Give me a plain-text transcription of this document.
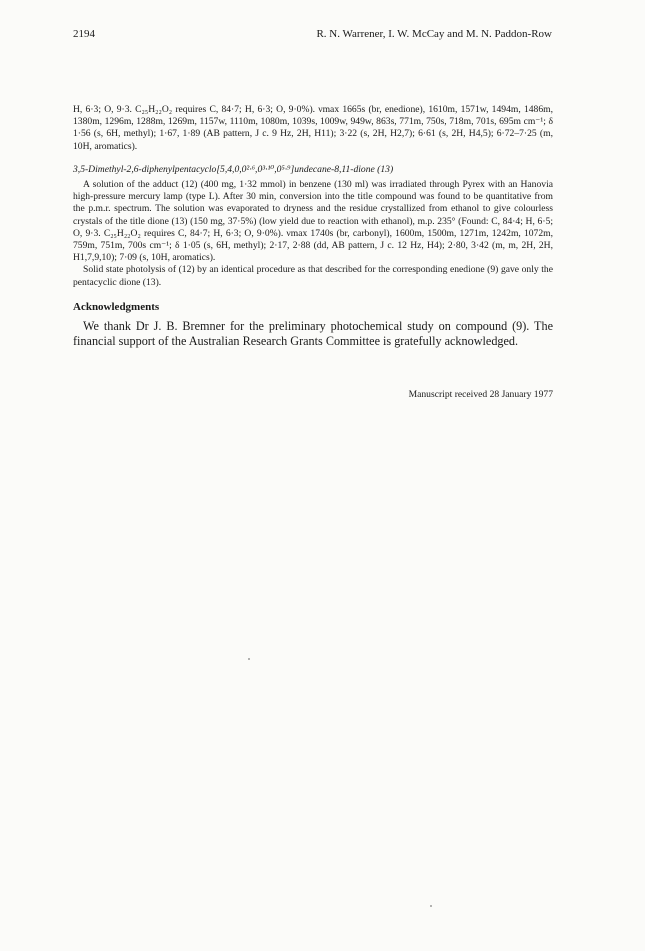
2194	R. N. Warrener, I. W. McCay and M. N. Paddon-Row

H, 6·3; O, 9·3. C₂₅H₂₂O₂ requires C, 84·7; H, 6·3; O, 9·0%). νmax 1665s (br, enedione), 1610m, 1571w, 1494m, 1486m, 1380m, 1296m, 1288m, 1269m, 1157w, 1110m, 1080m, 1039s, 1009w, 949w, 863s, 771m, 750s, 718m, 701s, 695m cm⁻¹; δ 1·56 (s, 6H, methyl); 1·67, 1·89 (AB pattern, J c. 9 Hz, 2H, H11); 3·22 (s, 2H, H2,7); 6·61 (s, 2H, H4,5); 6·72–7·25 (m, 10H, aromatics).

3,5-Dimethyl-2,6-diphenylpentacyclo[5,4,0,0²·⁶,0³·¹⁰,0⁵·⁹]undecane-8,11-dione (13)

A solution of the adduct (12) (400 mg, 1·32 mmol) in benzene (130 ml) was irradiated through Pyrex with an Hanovia high-pressure mercury lamp (type L). After 30 min, conversion into the title compound was found to be quantitative from the p.m.r. spectrum. The solution was evaporated to dryness and the residue crystallized from ethanol to give colourless crystals of the title dione (13) (150 mg, 37·5%) (low yield due to reaction with ethanol), m.p. 235° (Found: C, 84·4; H, 6·5; O, 9·3. C₂₅H₂₂O₂ requires C, 84·7; H, 6·3; O, 9·0%). νmax 1740s (br, carbonyl), 1600m, 1500m, 1271m, 1242m, 1072m, 759m, 751m, 700s cm⁻¹; δ 1·05 (s, 6H, methyl); 2·17, 2·88 (dd, AB pattern, J c. 12 Hz, H4); 2·80, 3·42 (m, m, 2H, 2H, H1,7,9,10); 7·09 (s, 10H, aromatics).

Solid state photolysis of (12) by an identical procedure as that described for the corresponding enedione (9) gave only the pentacyclic dione (13).

Acknowledgments

We thank Dr J. B. Bremner for the preliminary photochemical study on compound (9). The financial support of the Australian Research Grants Committee is gratefully acknowledged.

Manuscript received 28 January 1977
